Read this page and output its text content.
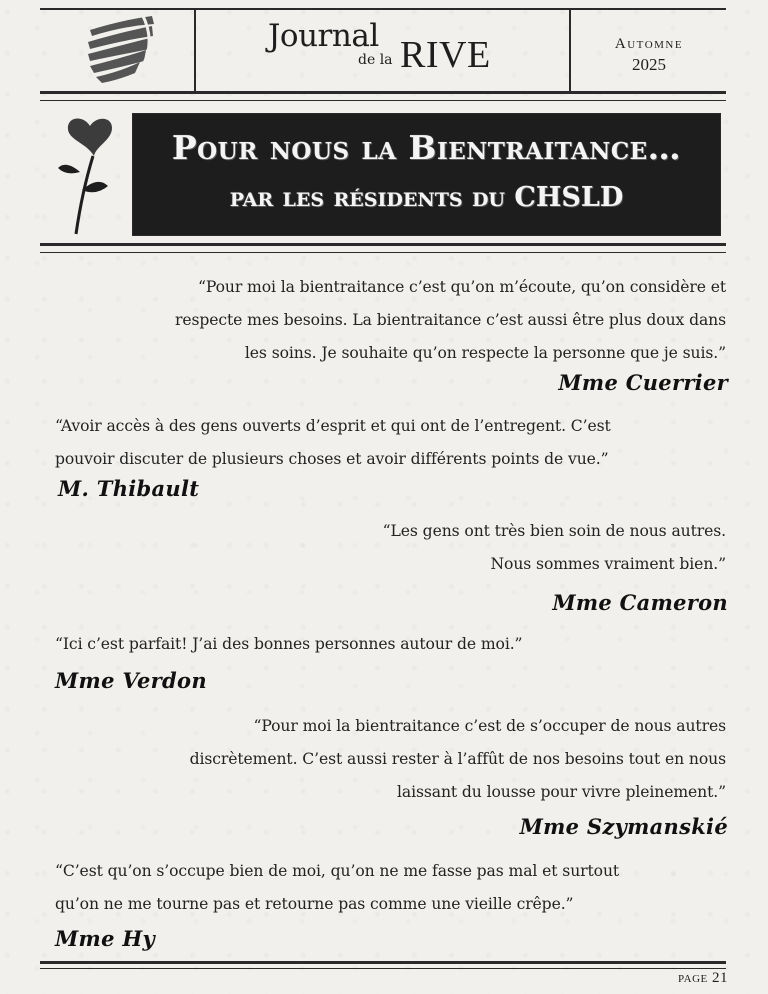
Journal
de la RIVE	Automne
2025
Pour nous la Bientraitance…
par les résidents du CHSLD
“Pour moi la bientraitance c’est qu’on m’écoute, qu’on considère et
respecte mes besoins. La bientraitance c’est aussi être plus doux dans
les soins. Je souhaite qu’on respecte la personne que je suis.”
Mme Cuerrier
“Avoir accès à des gens ouverts d’esprit et qui ont de l’entregent. C’est
pouvoir discuter de plusieurs choses et avoir différents points de vue.”
M. Thibault
“Les gens ont très bien soin de nous autres.
Nous sommes vraiment bien.”
Mme Cameron
“Ici c’est parfait! J’ai des bonnes personnes autour de moi.”
Mme Verdon
“Pour moi la bientraitance c’est de s’occuper de nous autres
discrètement. C’est aussi rester à l’affût de nos besoins tout en nous
laissant du lousse pour vivre pleinement.”
Mme Szymanskié
“C’est qu’on s’occupe bien de moi, qu’on ne me fasse pas mal et surtout
qu’on ne me tourne pas et retourne pas comme une vieille crêpe.”
Mme Hy
page 21
